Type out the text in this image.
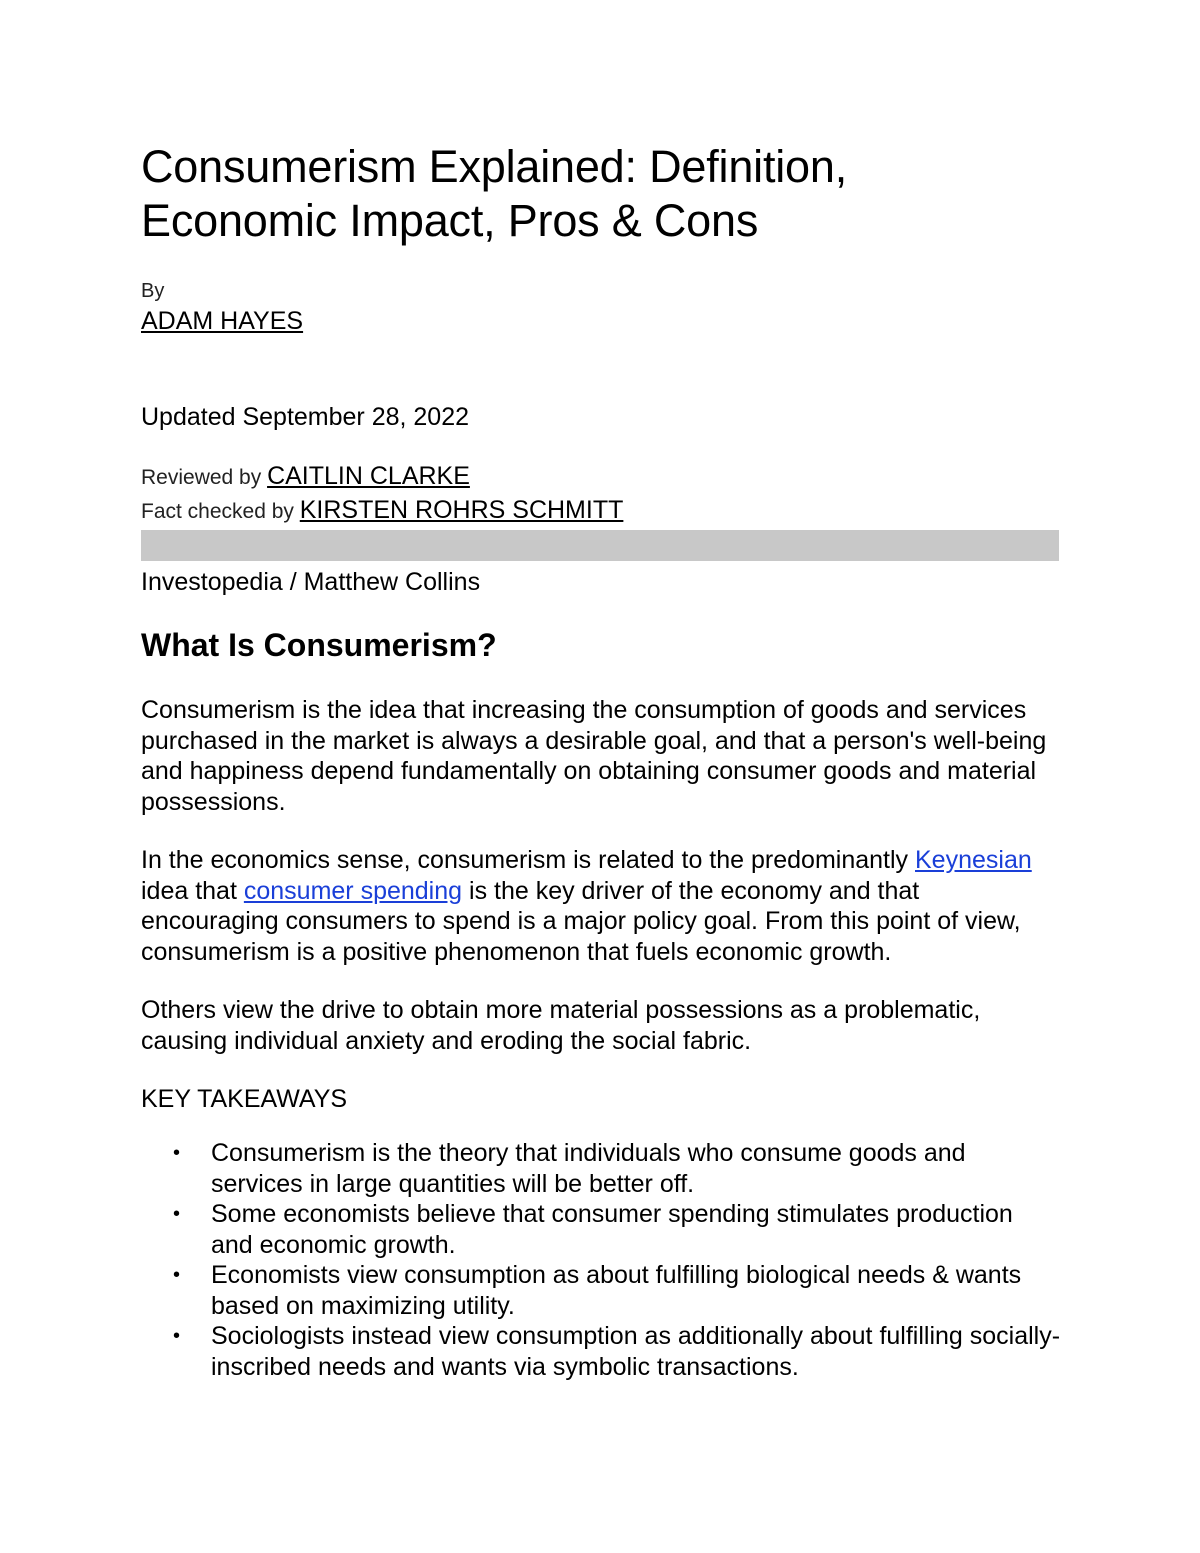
Consumerism Explained: Definition,
Economic Impact, Pros & Cons
By
ADAM HAYES
Updated September 28, 2022
Reviewed by CAITLIN CLARKE
Fact checked by KIRSTEN ROHRS SCHMITT
Investopedia / Matthew Collins
What Is Consumerism?

Consumerism is the idea that increasing the consumption of goods and services purchased in the market is always a desirable goal, and that a person's well-being and happiness depend fundamentally on obtaining consumer goods and material possessions.

In the economics sense, consumerism is related to the predominantly Keynesian idea that consumer spending is the key driver of the economy and that encouraging consumers to spend is a major policy goal. From this point of view, consumerism is a positive phenomenon that fuels economic growth.

Others view the drive to obtain more material possessions as a problematic, causing individual anxiety and eroding the social fabric.

KEY TAKEAWAYS
• Consumerism is the theory that individuals who consume goods and services in large quantities will be better off.
• Some economists believe that consumer spending stimulates production and economic growth.
• Economists view consumption as about fulfilling biological needs & wants based on maximizing utility.
• Sociologists instead view consumption as additionally about fulfilling socially-inscribed needs and wants via symbolic transactions.
